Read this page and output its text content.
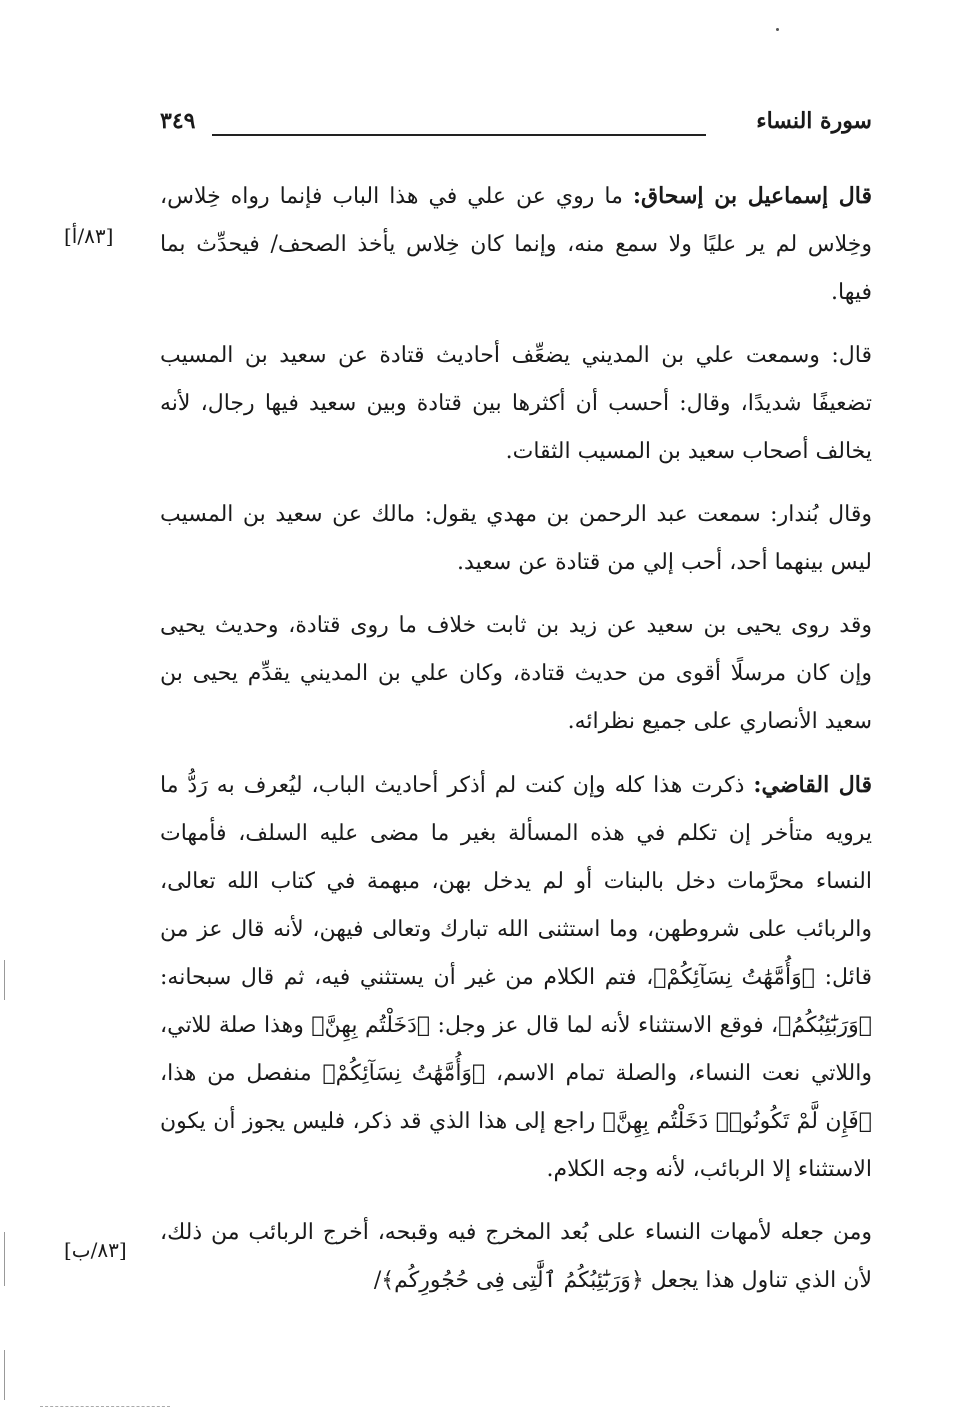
سورة النساء
٣٤٩
[٨٣/أ]
[٨٣/ب]

قال إسماعيل بن إسحاق: ما روي عن علي في هذا الباب فإنما رواه خِلاس، وخِلاس لم ير عليًا ولا سمع منه، وإنما كان خِلاس يأخذ الصحف/ فيحدِّث بما فيها.

قال: وسمعت علي بن المديني يضعِّف أحاديث قتادة عن سعيد بن المسيب تضعيفًا شديدًا، وقال: أحسب أن أكثرها بين قتادة وبين سعيد فيها رجال، لأنه يخالف أصحاب سعيد بن المسيب الثقات.

وقال بُندار: سمعت عبد الرحمن بن مهدي يقول: مالك عن سعيد بن المسيب ليس بينهما أحد، أحب إلي من قتادة عن سعيد.

وقد روى يحيى بن سعيد عن زيد بن ثابت خلاف ما روى قتادة، وحديث يحيى وإن كان مرسلًا أقوى من حديث قتادة، وكان علي بن المديني يقدِّم يحيى بن سعيد الأنصاري على جميع نظرائه.

قال القاضي: ذكرت هذا كله وإن كنت لم أذكر أحاديث الباب، ليُعرف به رَدُّ ما يرويه متأخر إن تكلم في هذه المسألة بغير ما مضى عليه السلف، فأمهات النساء محرَّمات دخل بالبنات أو لم يدخل بهن، مبهمة في كتاب الله تعالى، والربائب على شروطهن، وما استثنى الله تبارك وتعالى فيهن، لأنه قال عز من قائل: ﴿وَأُمَّهَٰتُ نِسَآئِكُمْ﴾، فتم الكلام من غير أن يستثني فيه، ثم قال سبحانه: ﴿وَرَبَٰٓئِبُكُمُ﴾، فوقع الاستثناء لأنه لما قال عز وجل: ﴿دَخَلْتُم بِهِنَّ﴾ وهذا صلة للاتي، واللاتي نعت النساء، والصلة تمام الاسم، ﴿وَأُمَّهَٰتُ نِسَآئِكُمْ﴾ منفصل من هذا، ﴿فَإِن لَّمْ تَكُونُوا۟ دَخَلْتُم بِهِنَّ﴾ راجع إلى هذا الذي قد ذكر، فليس يجوز أن يكون الاستثناء إلا الربائب، لأنه وجه الكلام.

ومن جعله لأمهات النساء على بُعد المخرج فيه وقبحه، أخرج الربائب من ذلك، لأن الذي تناول هذا يجعل ﴿وَرَبَٰٓئِبُكُمُ ٱلَّٰتِى فِى حُجُورِكُم﴾/
